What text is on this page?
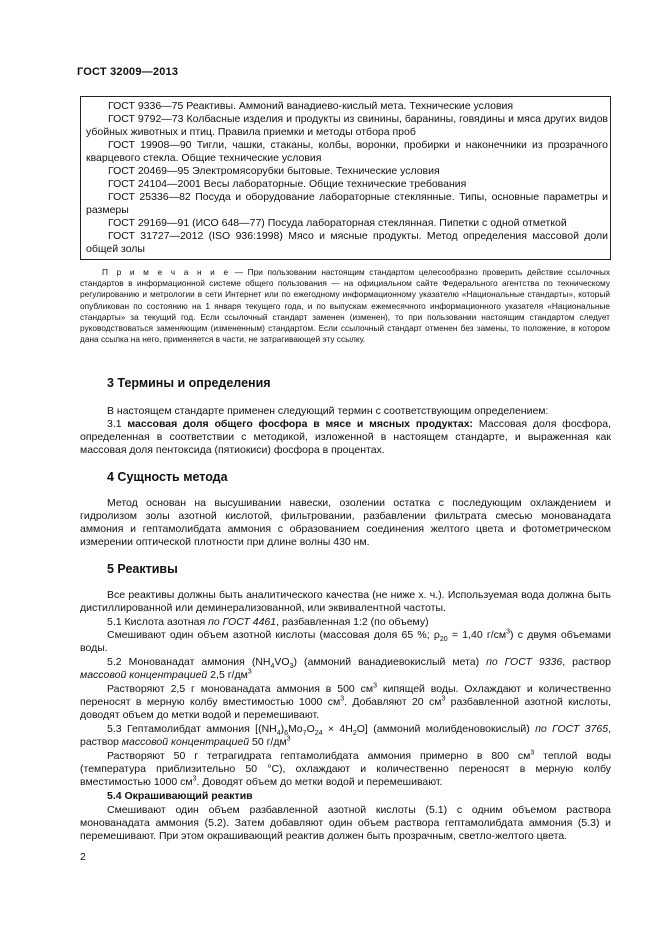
ГОСТ 32009—2013
ГОСТ 9336—75 Реактивы. Аммоний ванадиево-кислый мета. Технические условия
ГОСТ 9792—73 Колбасные изделия и продукты из свинины, баранины, говядины и мяса других видов убойных животных и птиц. Правила приемки и методы отбора проб
ГОСТ 19908—90 Тигли, чашки, стаканы, колбы, воронки, пробирки и наконечники из прозрачного кварцевого стекла. Общие технические условия
ГОСТ 20469—95 Электромясорубки бытовые. Технические условия
ГОСТ 24104—2001 Весы лабораторные. Общие технические требования
ГОСТ 25336—82 Посуда и оборудование лабораторные стеклянные. Типы, основные параметры и размеры
ГОСТ 29169—91 (ИСО 648—77) Посуда лабораторная стеклянная. Пипетки с одной отметкой
ГОСТ 31727—2012 (ISO 936:1998) Мясо и мясные продукты. Метод определения массовой доли общей золы
П р и м е ч а н и е — При пользовании настоящим стандартом целесообразно проверить действие ссылочных стандартов в информационной системе общего пользования — на официальном сайте Федерального агентства по техническому регулированию и метрологии в сети Интернет или по ежегодному информационному указателю «Национальные стандарты», который опубликован по состоянию на 1 января текущего года, и по выпускам ежемесячного информационного указателя «Национальные стандарты» за текущий год. Если ссылочный стандарт заменен (изменен), то при пользовании настоящим стандартом следует руководствоваться заменяющим (измененным) стандартом. Если ссылочный стандарт отменен без замены, то положение, в котором дана ссылка на него, применяется в части, не затрагивающей эту ссылку.
3 Термины и определения
В настоящем стандарте применен следующий термин с соответствующим определением:
3.1 массовая доля общего фосфора в мясе и мясных продуктах: Массовая доля фосфора, определенная в соответствии с методикой, изложенной в настоящем стандарте, и выраженная как массовая доля пентоксида (пятиокиси) фосфора в процентах.
4 Сущность метода
Метод основан на высушивании навески, озолении остатка с последующим охлаждением и гидролизом золы азотной кислотой, фильтровании, разбавлении фильтрата смесью монованадата аммония и гептамолибдата аммония с образованием соединения желтого цвета и фотометрическом измерении оптической плотности при длине волны 430 нм.
5 Реактивы
Все реактивы должны быть аналитического качества (не ниже х. ч.). Используемая вода должна быть дистиллированной или деминерализованной, или эквивалентной частоты.
5.1 Кислота азотная по ГОСТ 4461, разбавленная 1:2 (по объему)
Смешивают один объем азотной кислоты (массовая доля 65 %; $\rho_{20} = 1,40$ $г/см^3$) с двумя объемами воды.
5.2 Монованадат аммония $(NH_4VO_3)$ (аммоний ванадиевокислый мета) по ГОСТ 9336, раствор массовой концентрацией 2,5 $г/дм^3$
Растворяют 2,5 г монованадата аммония в 500 $см^3$ кипящей воды. Охлаждают и количественно переносят в мерную колбу вместимостью 1000 $см^3$. Добавляют 20 $см^3$ разбавленной азотной кислоты, доводят объем до метки водой и перемешивают.
5.3 Гептамолибдат аммония $[(NH_4)_6Mo_7O_{24} \times 4H_2O]$ (аммоний молибденовокислый) по ГОСТ 3765, раствор массовой концентрацией 50 $г/дм^3$
Растворяют 50 г тетрагидрата гептамолибдата аммония примерно в 800 $см^3$ теплой воды (температура приблизительно 50 °С), охлаждают и количественно переносят в мерную колбу вместимостью 1000 $см^3$. Доводят объем до метки водой и перемешивают.
5.4 Окрашивающий реактив
Смешивают один объем разбавленной азотной кислоты (5.1) с одним объемом раствора монованадата аммония (5.2). Затем добавляют один объем раствора гептамолибдата аммония (5.3) и перемешивают. При этом окрашивающий реактив должен быть прозрачным, светло-желтого цвета.
2
